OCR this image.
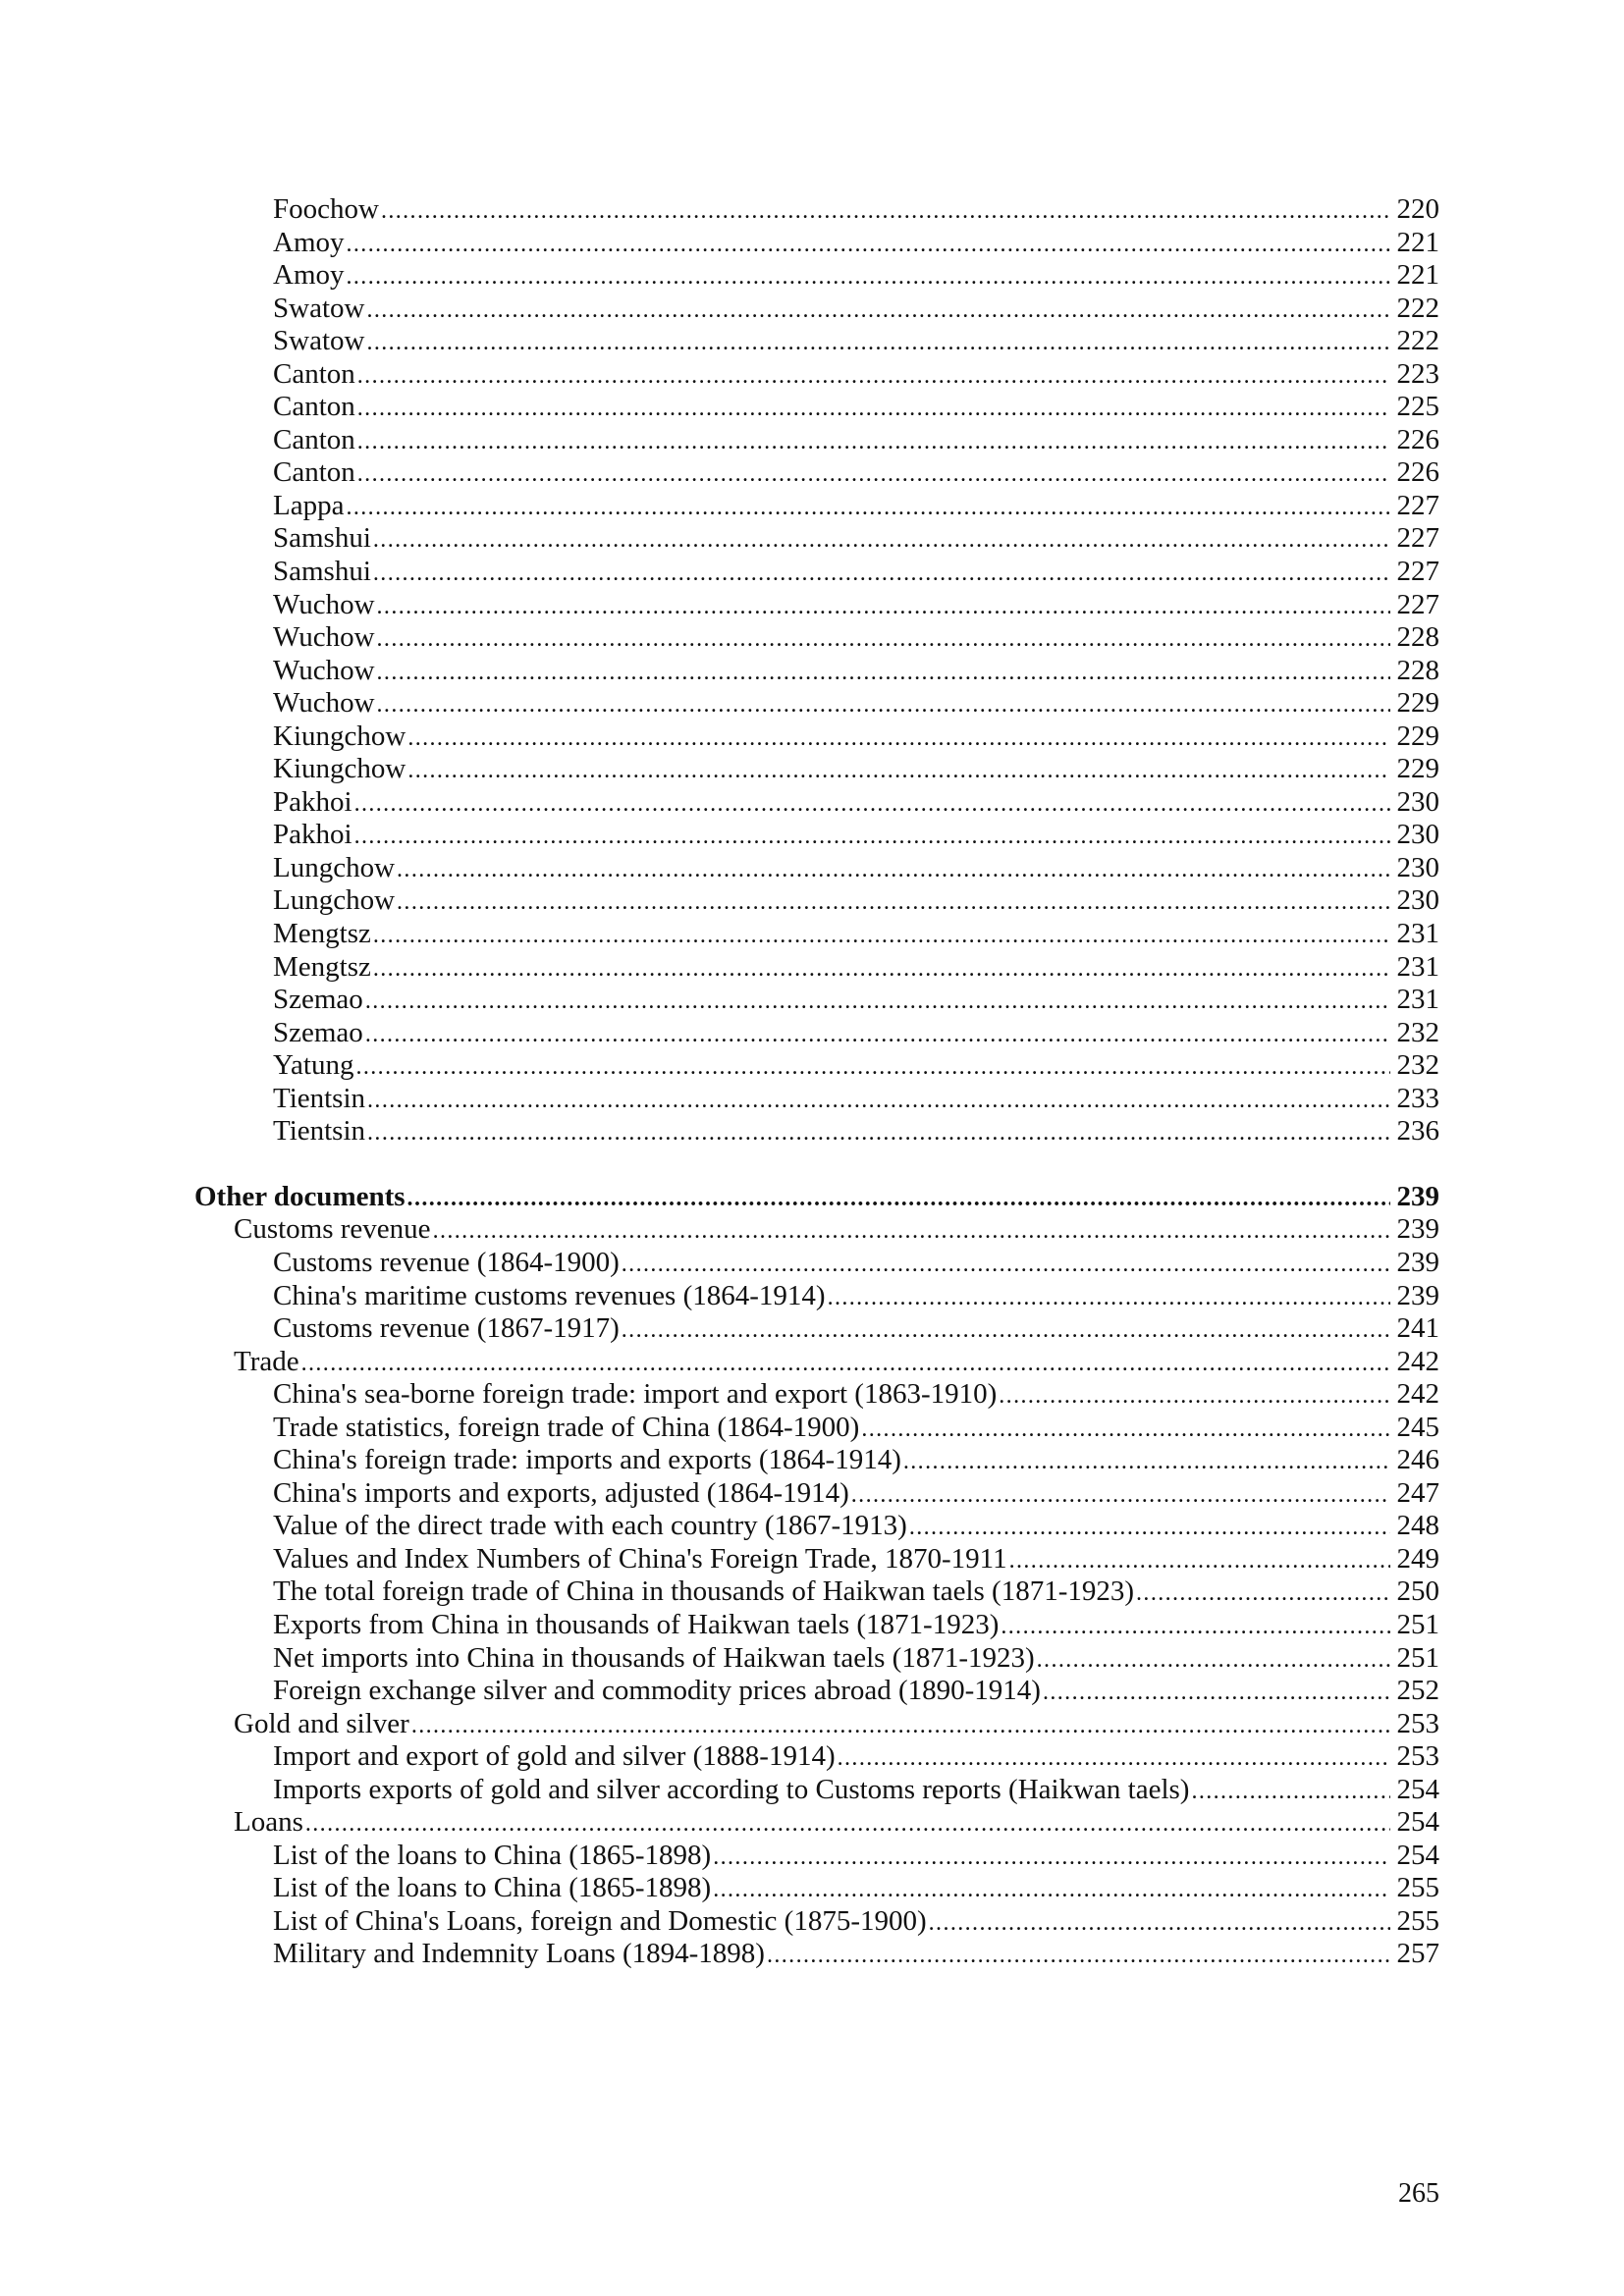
Foochow .....	220
Amoy .....	221
Amoy .....	221
Swatow .....	222
Swatow .....	222
Canton .....	223
Canton .....	225
Canton .....	226
Canton .....	226
Lappa .....	227
Samshui .....	227
Samshui .....	227
Wuchow .....	227
Wuchow .....	228
Wuchow .....	228
Wuchow .....	229
Kiungchow .....	229
Kiungchow .....	229
Pakhoi .....	230
Pakhoi .....	230
Lungchow .....	230
Lungchow .....	230
Mengtsz .....	231
Mengtsz .....	231
Szemao .....	231
Szemao .....	232
Yatung .....	232
Tientsin .....	233
Tientsin .....	236
Other documents .....	239
Customs revenue .....	239
Customs revenue (1864-1900) .....	239
China's maritime customs revenues (1864-1914) .....	239
Customs revenue (1867-1917) .....	241
Trade .....	242
China's sea-borne foreign trade: import and export (1863-1910) .....	242
Trade statistics, foreign trade of China (1864-1900) .....	245
China's foreign trade: imports and exports (1864-1914) .....	246
China's imports and exports, adjusted (1864-1914) .....	247
Value of the direct trade with each country (1867-1913) .....	248
Values and Index Numbers of China's Foreign Trade, 1870-1911 .....	249
The total foreign trade of China in thousands of Haikwan taels (1871-1923) .....	250
Exports from China in thousands of Haikwan taels (1871-1923) .....	251
Net imports into China in thousands of Haikwan taels (1871-1923) .....	251
Foreign exchange silver and commodity prices abroad (1890-1914) .....	252
Gold and silver .....	253
Import and export of gold and silver (1888-1914) .....	253
Imports exports of gold and silver according to Customs reports (Haikwan taels) .....	254
Loans .....	254
List of the loans to China (1865-1898) .....	254
List of the loans to China (1865-1898) .....	255
List of China's Loans, foreign and Domestic (1875-1900) .....	255
Military and Indemnity Loans (1894-1898) .....	257
265
